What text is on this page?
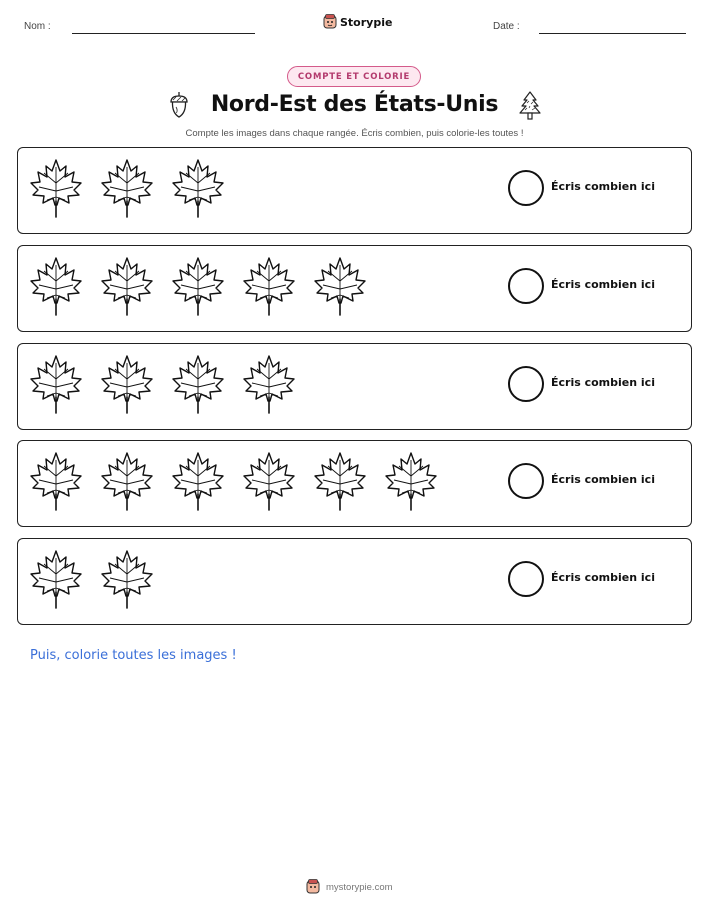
Nom :	Storypie	Date :
COMPTE ET COLORIE
Nord-Est des États-Unis
Compte les images dans chaque rangée. Écris combien, puis colorie-les toutes !
Écris combien ici
Écris combien ici
Écris combien ici
Écris combien ici
Écris combien ici
Puis, colorie toutes les images !
mystorypie.com
